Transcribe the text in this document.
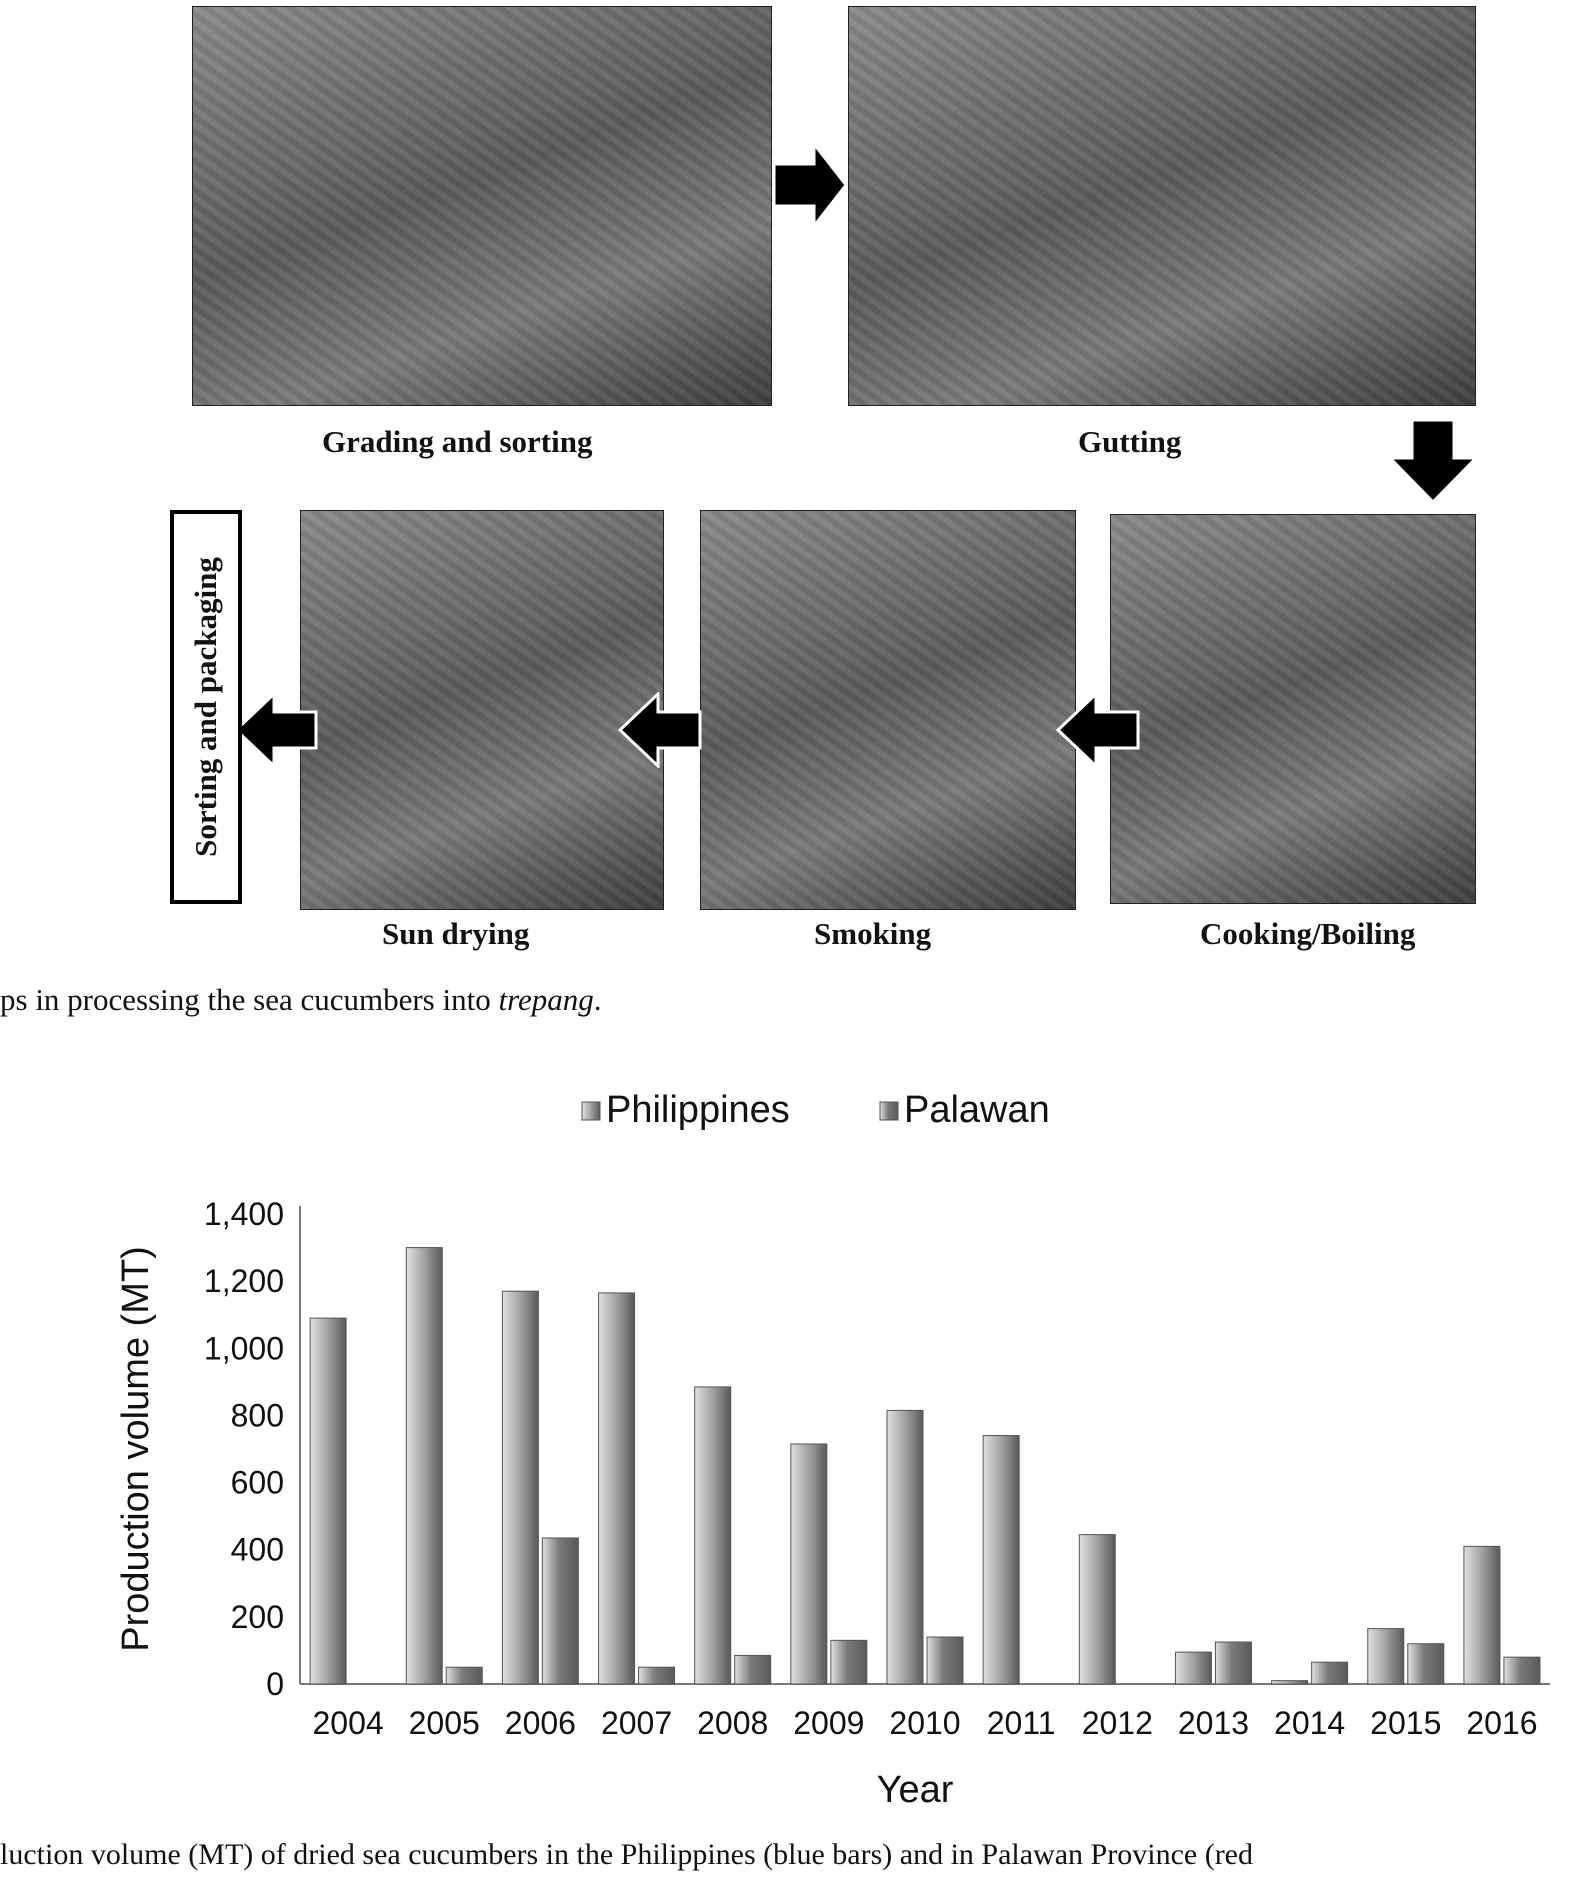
Grading and sorting	Gutting
Sun drying	Smoking	Cooking/Boiling
Sorting and packaging
ps in processing the sea cucumbers into trepang.
0
200
400
600
800
1,000
1,200
1,400
2004 2005 2006 2007 2008 2009 2010 2011 2012 2013 2014 2015 2016
Year
Production volume (MT)
Philippines	Palawan
luction volume (MT) of dried sea cucumbers in the Philippines (blue bars) and in Palawan Province (red
